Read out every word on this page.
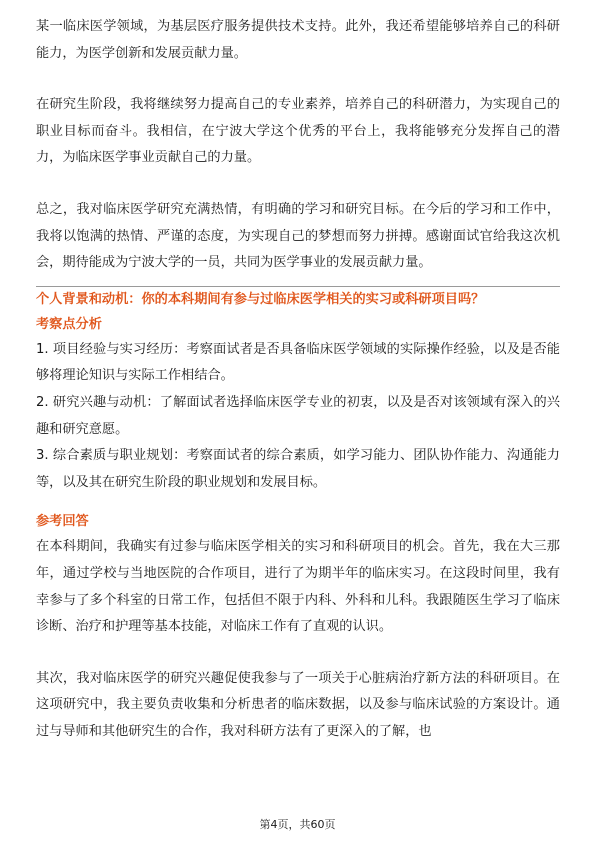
某一临床医学领域，为基层医疗服务提供技术支持。此外，我还希望能够培养自己的科研能力，为医学创新和发展贡献力量。

在研究生阶段，我将继续努力提高自己的专业素养，培养自己的科研潜力，为实现自己的职业目标而奋斗。我相信，在宁波大学这个优秀的平台上，我将能够充分发挥自己的潜力，为临床医学事业贡献自己的力量。

总之，我对临床医学研究充满热情，有明确的学习和研究目标。在今后的学习和工作中，我将以饱满的热情、严谨的态度，为实现自己的梦想而努力拼搏。感谢面试官给我这次机会，期待能成为宁波大学的一员，共同为医学事业的发展贡献力量。

个人背景和动机：你的本科期间有参与过临床医学相关的实习或科研项目吗？

考察点分析

1. 项目经验与实习经历：考察面试者是否具备临床医学领域的实际操作经验，以及是否能够将理论知识与实际工作相结合。

2. 研究兴趣与动机：了解面试者选择临床医学专业的初衷，以及是否对该领域有深入的兴趣和研究意愿。

3. 综合素质与职业规划：考察面试者的综合素质，如学习能力、团队协作能力、沟通能力等，以及其在研究生阶段的职业规划和发展目标。

参考回答

在本科期间，我确实有过参与临床医学相关的实习和科研项目的机会。首先，我在大三那年，通过学校与当地医院的合作项目，进行了为期半年的临床实习。在这段时间里，我有幸参与了多个科室的日常工作，包括但不限于内科、外科和儿科。我跟随医生学习了临床诊断、治疗和护理等基本技能，对临床工作有了直观的认识。

其次，我对临床医学的研究兴趣促使我参与了一项关于心脏病治疗新方法的科研项目。在这项研究中，我主要负责收集和分析患者的临床数据，以及参与临床试验的方案设计。通过与导师和其他研究生的合作，我对科研方法有了更深入的了解，也

第4页，共60页
